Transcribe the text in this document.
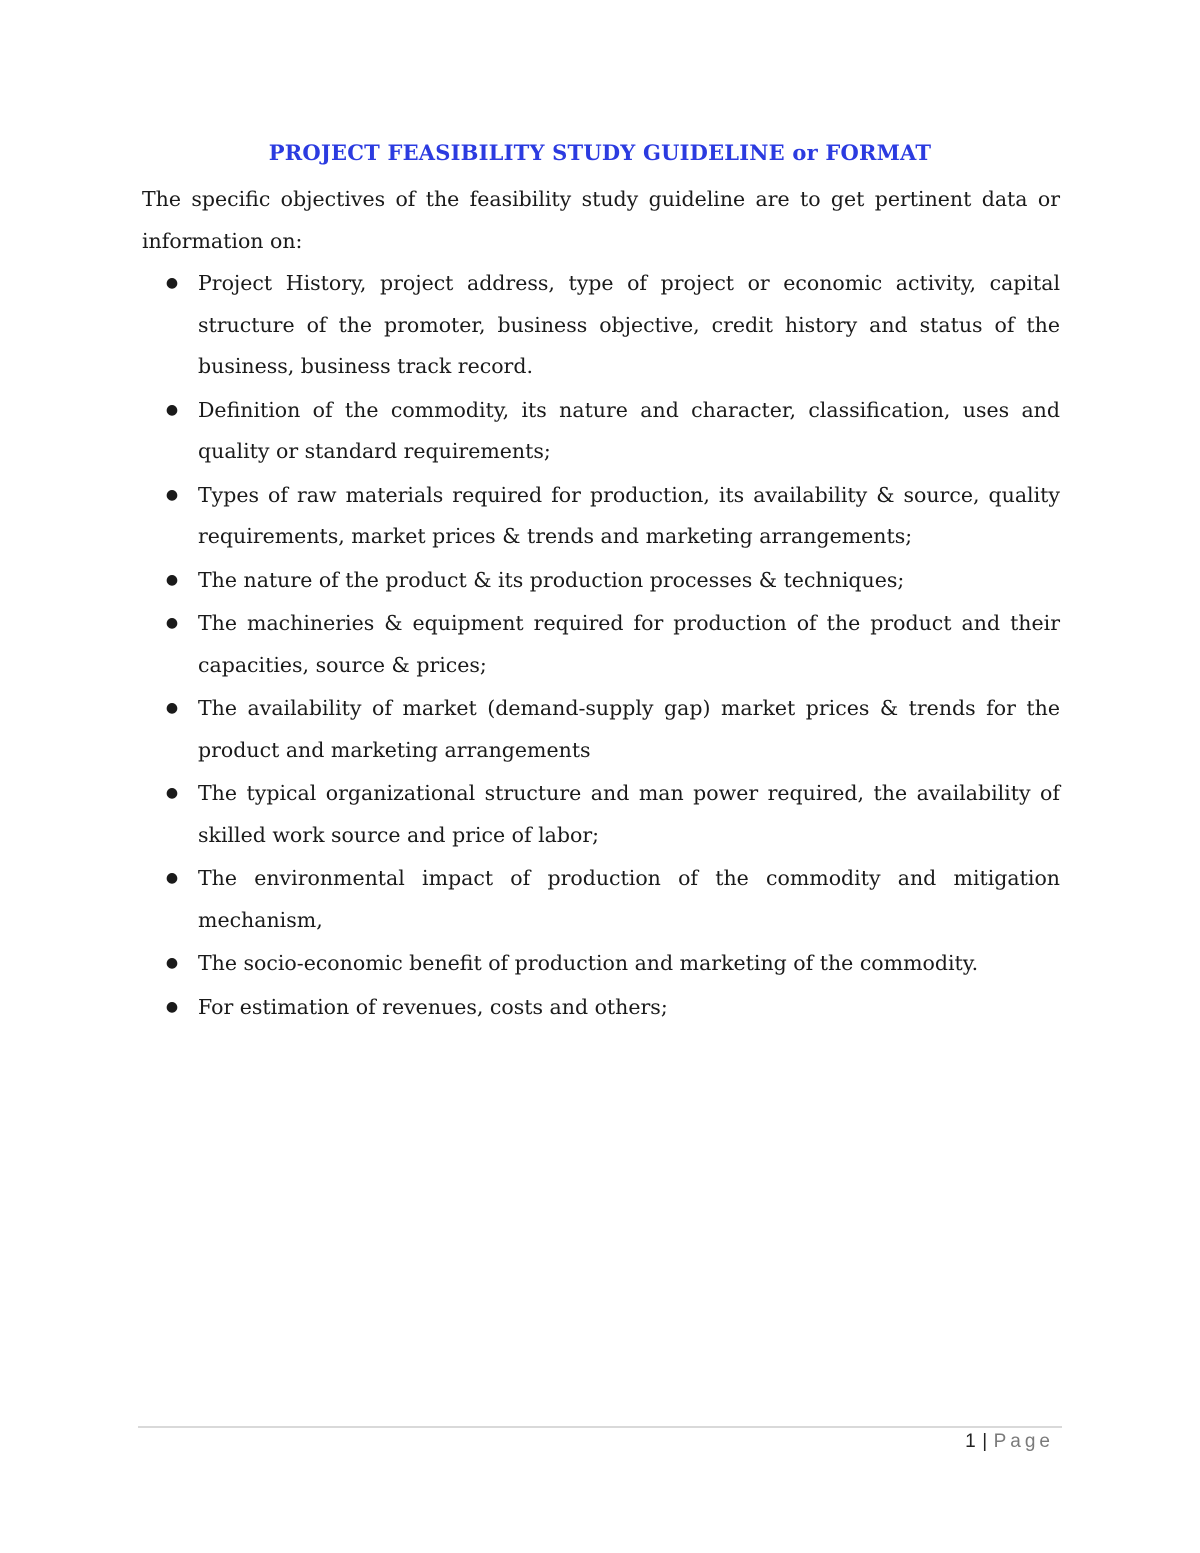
PROJECT FEASIBILITY STUDY GUIDELINE or FORMAT
The specific objectives of the feasibility study guideline are to get pertinent data or information on:
● Project History, project address, type of project or economic activity, capital structure of the promoter, business objective, credit history and status of the business, business track record.
● Definition of the commodity, its nature and character, classification, uses and quality or standard requirements;
● Types of raw materials required for production, its availability & source, quality requirements, market prices & trends and marketing arrangements;
● The nature of the product & its production processes & techniques;
● The machineries & equipment required for production of the product and their capacities, source & prices;
● The availability of market (demand-supply gap) market prices & trends for the product and marketing arrangements
● The typical organizational structure and man power required, the availability of skilled work source and price of labor;
● The environmental impact of production of the commodity and mitigation mechanism,
● The socio-economic benefit of production and marketing of the commodity.
● For estimation of revenues, costs and others;
1 | Page
